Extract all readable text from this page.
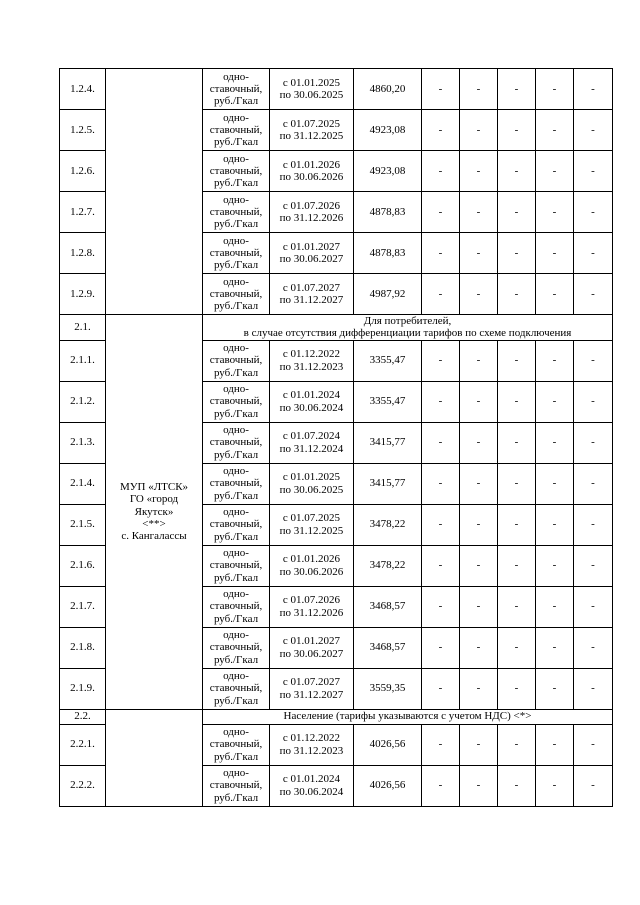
1.2.4.		одно-
ставочный,
руб./Гкал	с 01.01.2025
по 30.06.2025	4860,20	-	-	-	-	-
1.2.5.		одно-
ставочный,
руб./Гкал	с 01.07.2025
по 31.12.2025	4923,08	-	-	-	-	-
1.2.6.		одно-
ставочный,
руб./Гкал	с 01.01.2026
по 30.06.2026	4923,08	-	-	-	-	-
1.2.7.		одно-
ставочный,
руб./Гкал	с 01.07.2026
по 31.12.2026	4878,83	-	-	-	-	-
1.2.8.		одно-
ставочный,
руб./Гкал	с 01.01.2027
по 30.06.2027	4878,83	-	-	-	-	-
1.2.9.		одно-
ставочный,
руб./Гкал	с 01.07.2027
по 31.12.2027	4987,92	-	-	-	-	-
2.1.	МУП «ЛТСК»
ГО «город
Якутск»
<**>
с. Кангалассы	Для потребителей,
в случае отсутствия дифференциации тарифов по схеме подключения							
2.1.1.		одно-
ставочный,
руб./Гкал	с 01.12.2022
по 31.12.2023	3355,47	-	-	-	-	-
2.1.2.		одно-
ставочный,
руб./Гкал	с 01.01.2024
по 30.06.2024	3355,47	-	-	-	-	-
2.1.3.		одно-
ставочный,
руб./Гкал	с 01.07.2024
по 31.12.2024	3415,77	-	-	-	-	-
2.1.4.		одно-
ставочный,
руб./Гкал	с 01.01.2025
по 30.06.2025	3415,77	-	-	-	-	-
2.1.5.		одно-
ставочный,
руб./Гкал	с 01.07.2025
по 31.12.2025	3478,22	-	-	-	-	-
2.1.6.		одно-
ставочный,
руб./Гкал	с 01.01.2026
по 30.06.2026	3478,22	-	-	-	-	-
2.1.7.		одно-
ставочный,
руб./Гкал	с 01.07.2026
по 31.12.2026	3468,57	-	-	-	-	-
2.1.8.		одно-
ставочный,
руб./Гкал	с 01.01.2027
по 30.06.2027	3468,57	-	-	-	-	-
2.1.9.		одно-
ставочный,
руб./Гкал	с 01.07.2027
по 31.12.2027	3559,35	-	-	-	-	-
2.2.		Население (тарифы указываются с учетом НДС) <*>							
2.2.1.		одно-
ставочный,
руб./Гкал	с 01.12.2022
по 31.12.2023	4026,56	-	-	-	-	-
2.2.2.		одно-
ставочный,
руб./Гкал	с 01.01.2024
по 30.06.2024	4026,56	-	-	-	-	-
